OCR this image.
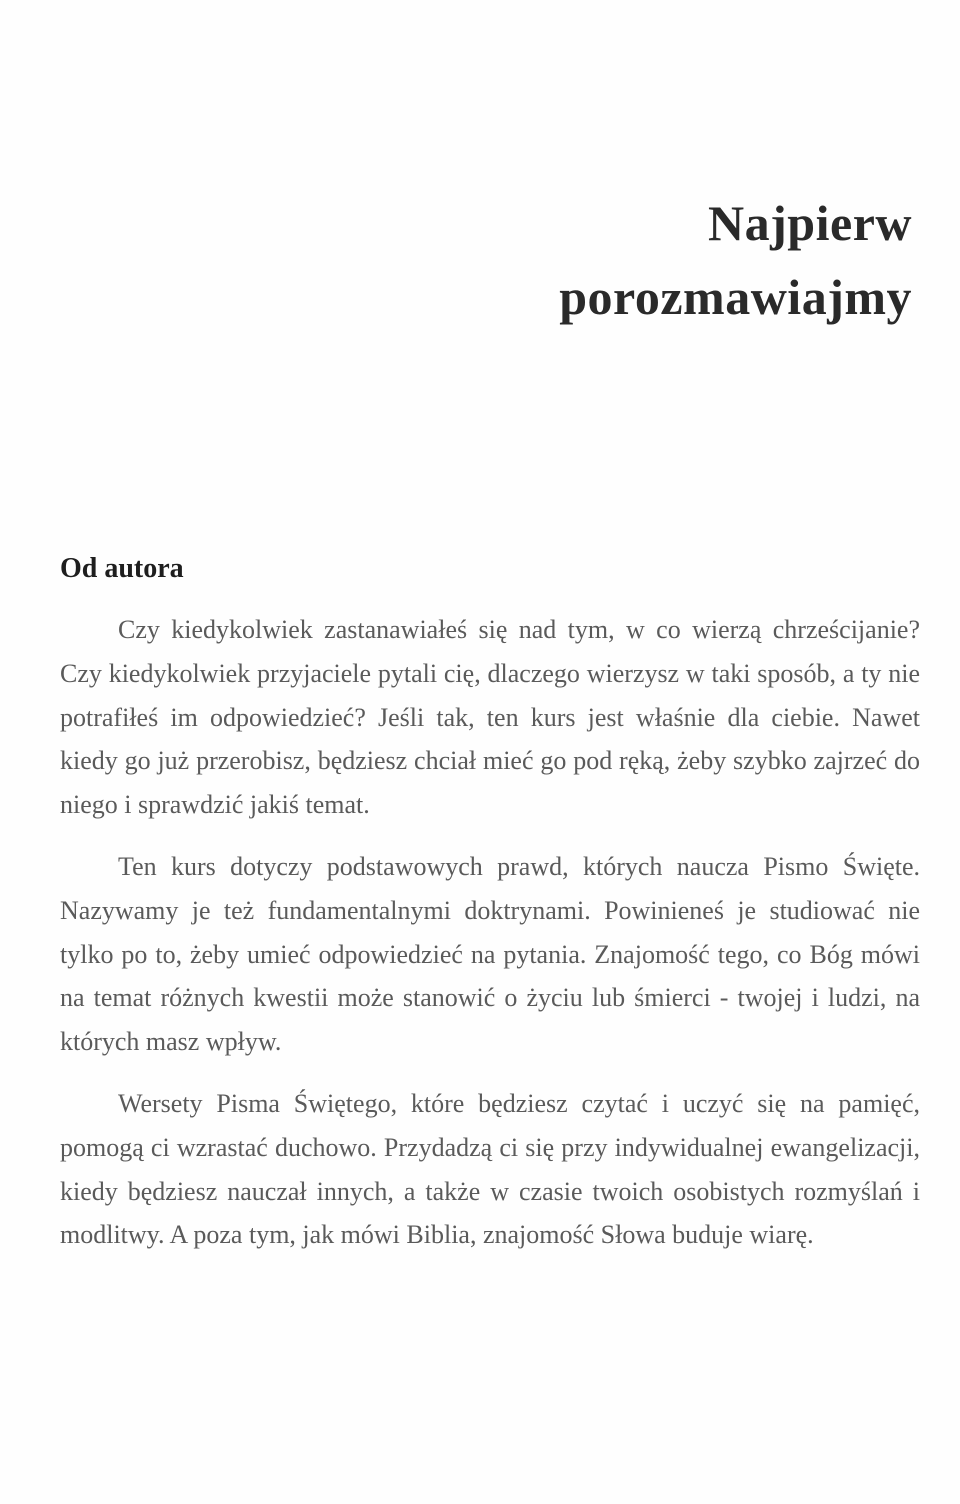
Najpierw
porozmawiajmy
Od autora

Czy kiedykolwiek zastanawiałeś się nad tym, w co wierzą chrześcijanie? Czy kiedykolwiek przyjaciele pytali cię, dlaczego wierzysz w taki sposób, a ty nie potrafiłeś im odpowiedzieć? Jeśli tak, ten kurs jest właśnie dla ciebie. Nawet kiedy go już przerobisz, będziesz chciał mieć go pod ręką, żeby szybko zajrzeć do niego i sprawdzić jakiś temat.

Ten kurs dotyczy podstawowych prawd, których naucza Pismo Święte. Nazywamy je też fundamentalnymi doktrynami. Powinieneś je studiować nie tylko po to, żeby umieć odpowiedzieć na pytania. Znajomość tego, co Bóg mówi na temat różnych kwestii może stanowić o życiu lub śmierci - twojej i ludzi, na których masz wpływ.

Wersety Pisma Świętego, które będziesz czytać i uczyć się na pamięć, pomogą ci wzrastać duchowo. Przydadzą ci się przy indywidualnej ewangelizacji, kiedy będziesz nauczał innych, a także w czasie twoich osobistych rozmyślań i modlitwy. A poza tym, jak mówi Biblia, znajomość Słowa buduje wiarę.
